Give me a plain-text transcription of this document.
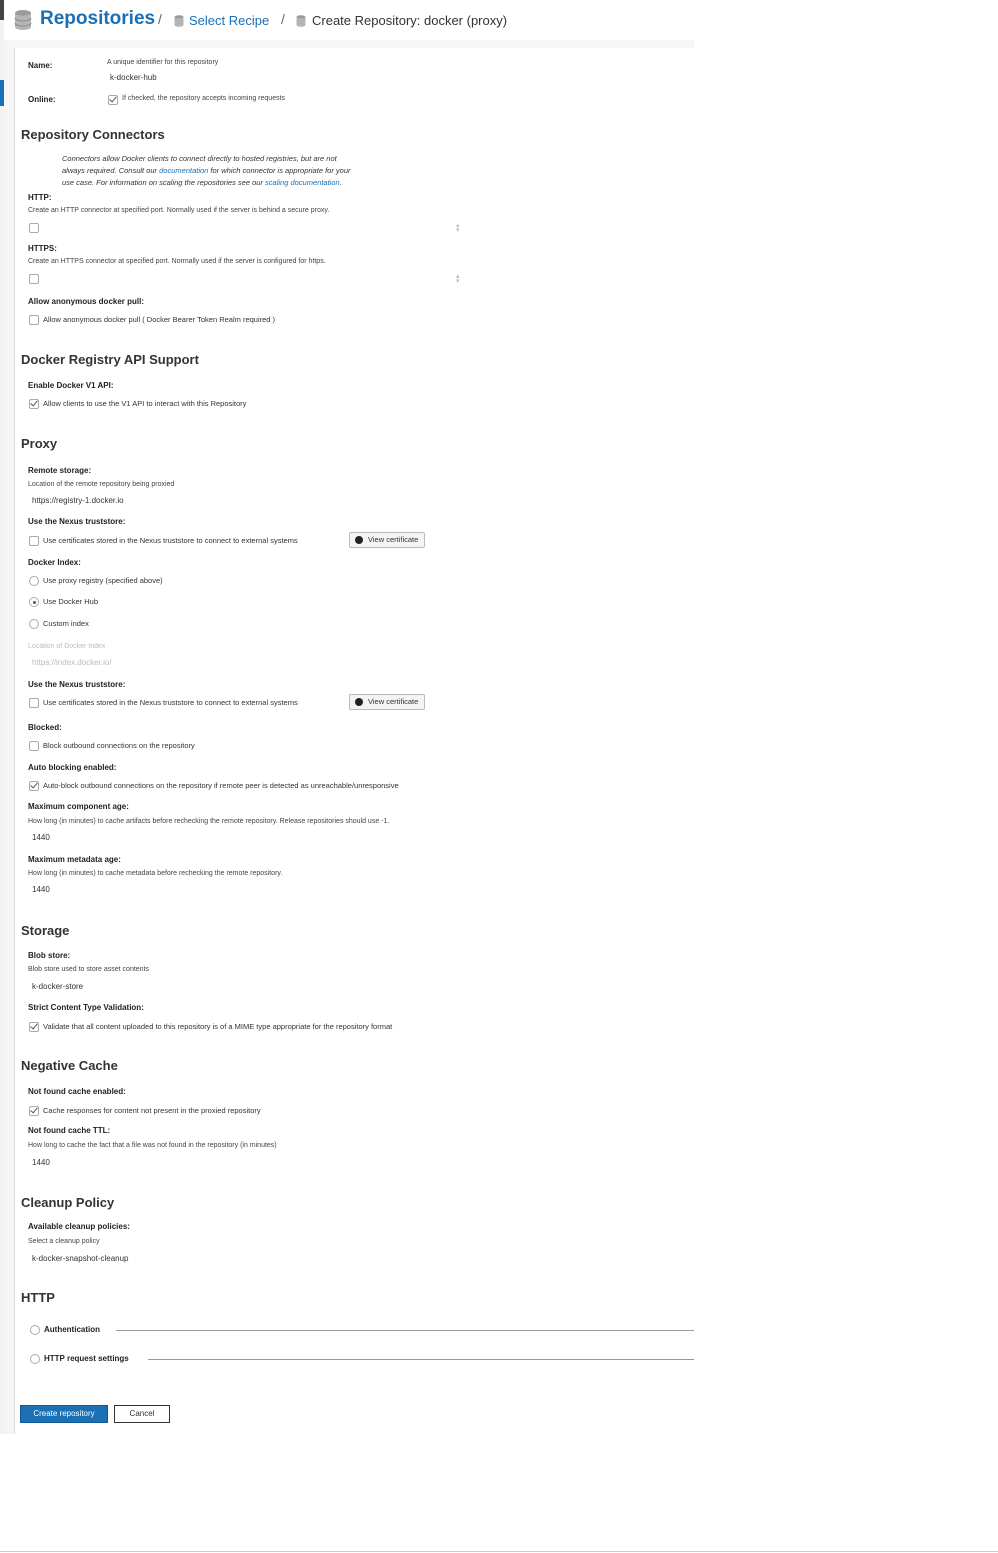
Repositories / Select Recipe / Create Repository: docker (proxy)
Name:	A unique identifier for this repository
k-docker-hub
Online:	If checked, the repository accepts incoming requests
Repository Connectors
Connectors allow Docker clients to connect directly to hosted registries, but are not
always required. Consult our documentation for which connector is appropriate for your
use case. For information on scaling the repositories see our scaling documentation.
HTTP:
Create an HTTP connector at specified port. Normally used if the server is behind a secure proxy.
▴
▾
HTTPS:
Create an HTTPS connector at specified port. Normally used if the server is configured for https.
▴
▾
Allow anonymous docker pull:
Allow anonymous docker pull ( Docker Bearer Token Realm required )
Docker Registry API Support
Enable Docker V1 API:
Allow clients to use the V1 API to interact with this Repository
Proxy
Remote storage:
Location of the remote repository being proxied
https://registry-1.docker.io
Use the Nexus truststore:
Use certificates stored in the Nexus truststore to connect to external systems	View certificate
Docker Index:
Use proxy registry (specified above)
Use Docker Hub
Custom index
Location of Docker Index
https://index.docker.io/
Use the Nexus truststore:
Use certificates stored in the Nexus truststore to connect to external systems	View certificate
Blocked:
Block outbound connections on the repository
Auto blocking enabled:
Auto-block outbound connections on the repository if remote peer is detected as unreachable/unresponsive
Maximum component age:
How long (in minutes) to cache artifacts before rechecking the remote repository. Release repositories should use -1.
1440
Maximum metadata age:
How long (in minutes) to cache metadata before rechecking the remote repository.
1440
Storage
Blob store:
Blob store used to store asset contents
k-docker-store
Strict Content Type Validation:
Validate that all content uploaded to this repository is of a MIME type appropriate for the repository format
Negative Cache
Not found cache enabled:
Cache responses for content not present in the proxied repository
Not found cache TTL:
How long to cache the fact that a file was not found in the repository (in minutes)
1440
Cleanup Policy
Available cleanup policies:
Select a cleanup policy
k-docker-snapshot-cleanup
HTTP
Authentication
HTTP request settings
Create repository	Cancel
